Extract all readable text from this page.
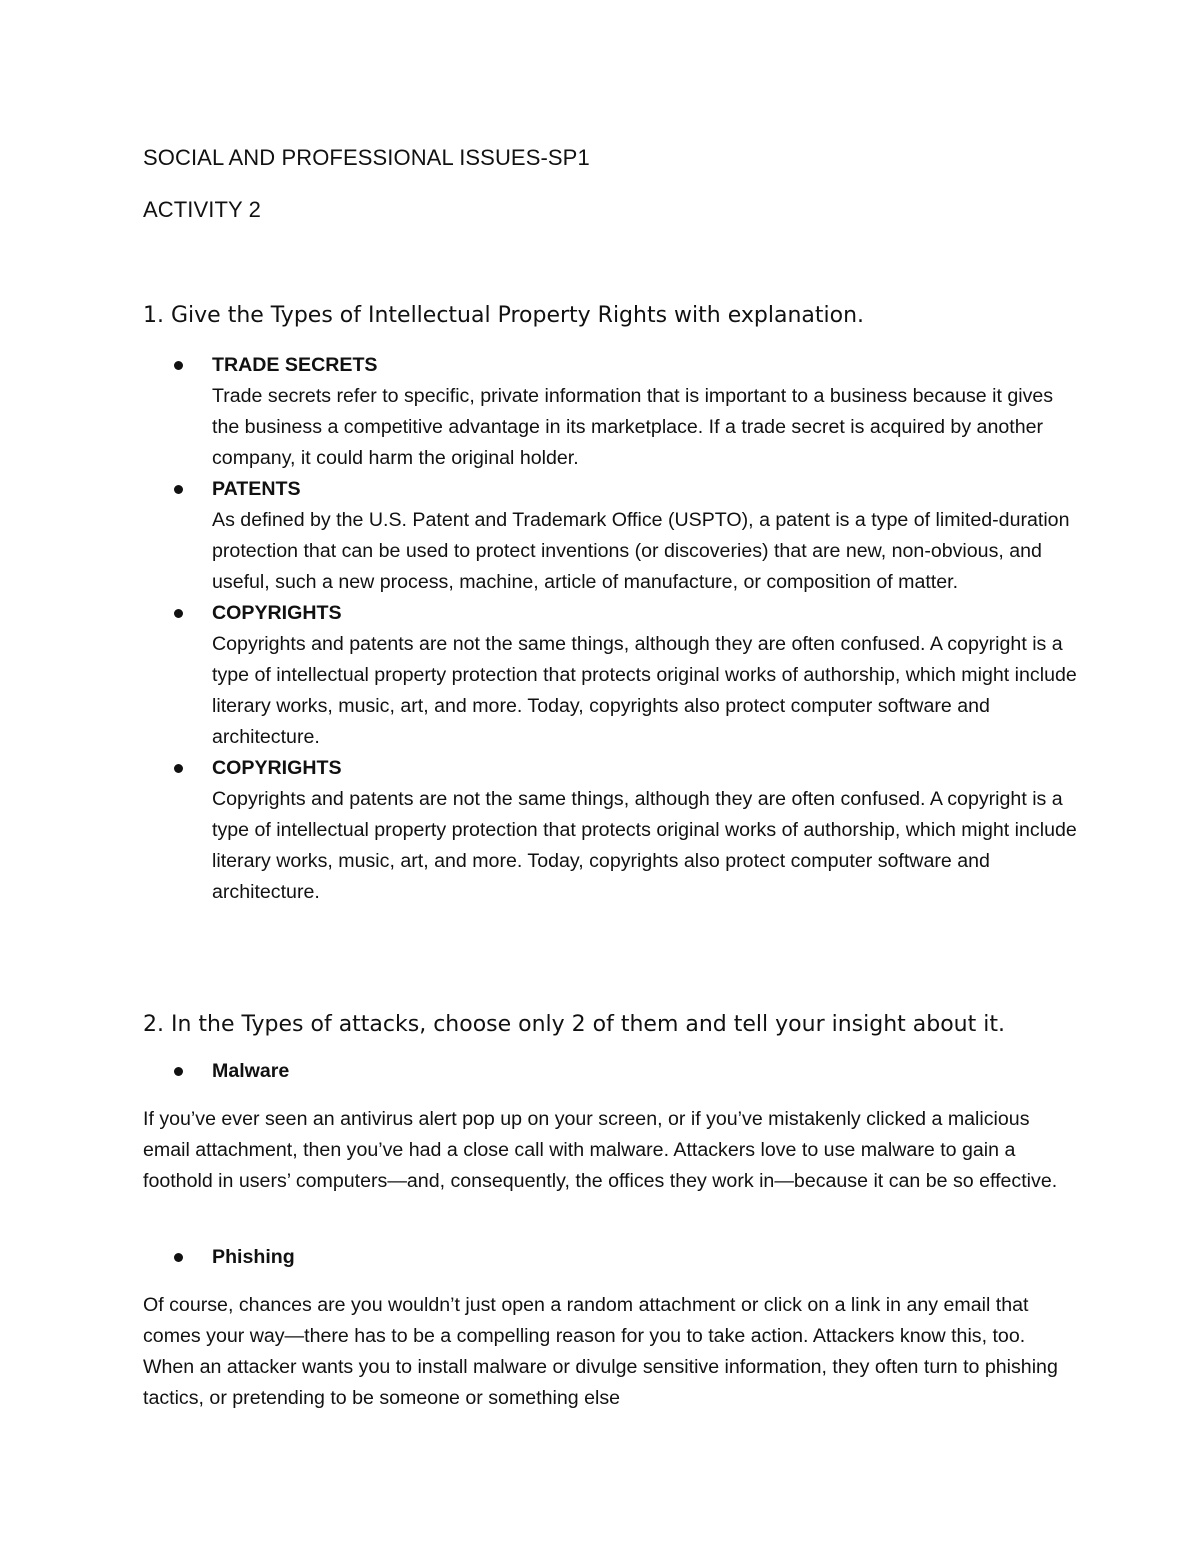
SOCIAL AND PROFESSIONAL ISSUES-SP1

ACTIVITY 2

1. Give the Types of Intellectual Property Rights with explanation.

TRADE SECRETS
Trade secrets refer to specific, private information that is important to a business because it gives the business a competitive advantage in its marketplace. If a trade secret is acquired by another company, it could harm the original holder.
PATENTS
As defined by the U.S. Patent and Trademark Office (USPTO), a patent is a type of limited-duration protection that can be used to protect inventions (or discoveries) that are new, non-obvious, and useful, such a new process, machine, article of manufacture, or composition of matter.
COPYRIGHTS
Copyrights and patents are not the same things, although they are often confused. A copyright is a type of intellectual property protection that protects original works of authorship, which might include literary works, music, art, and more. Today, copyrights also protect computer software and architecture.
COPYRIGHTS
Copyrights and patents are not the same things, although they are often confused. A copyright is a type of intellectual property protection that protects original works of authorship, which might include literary works, music, art, and more. Today, copyrights also protect computer software and architecture.

2. In the Types of attacks, choose only 2 of them and tell your insight about it.

Malware
If you’ve ever seen an antivirus alert pop up on your screen, or if you’ve mistakenly clicked a malicious email attachment, then you’ve had a close call with malware. Attackers love to use malware to gain a foothold in users’ computers—and, consequently, the offices they work in—because it can be so effective.
Phishing
Of course, chances are you wouldn’t just open a random attachment or click on a link in any email that comes your way—there has to be a compelling reason for you to take action. Attackers know this, too. When an attacker wants you to install malware or divulge sensitive information, they often turn to phishing tactics, or pretending to be someone or something else
